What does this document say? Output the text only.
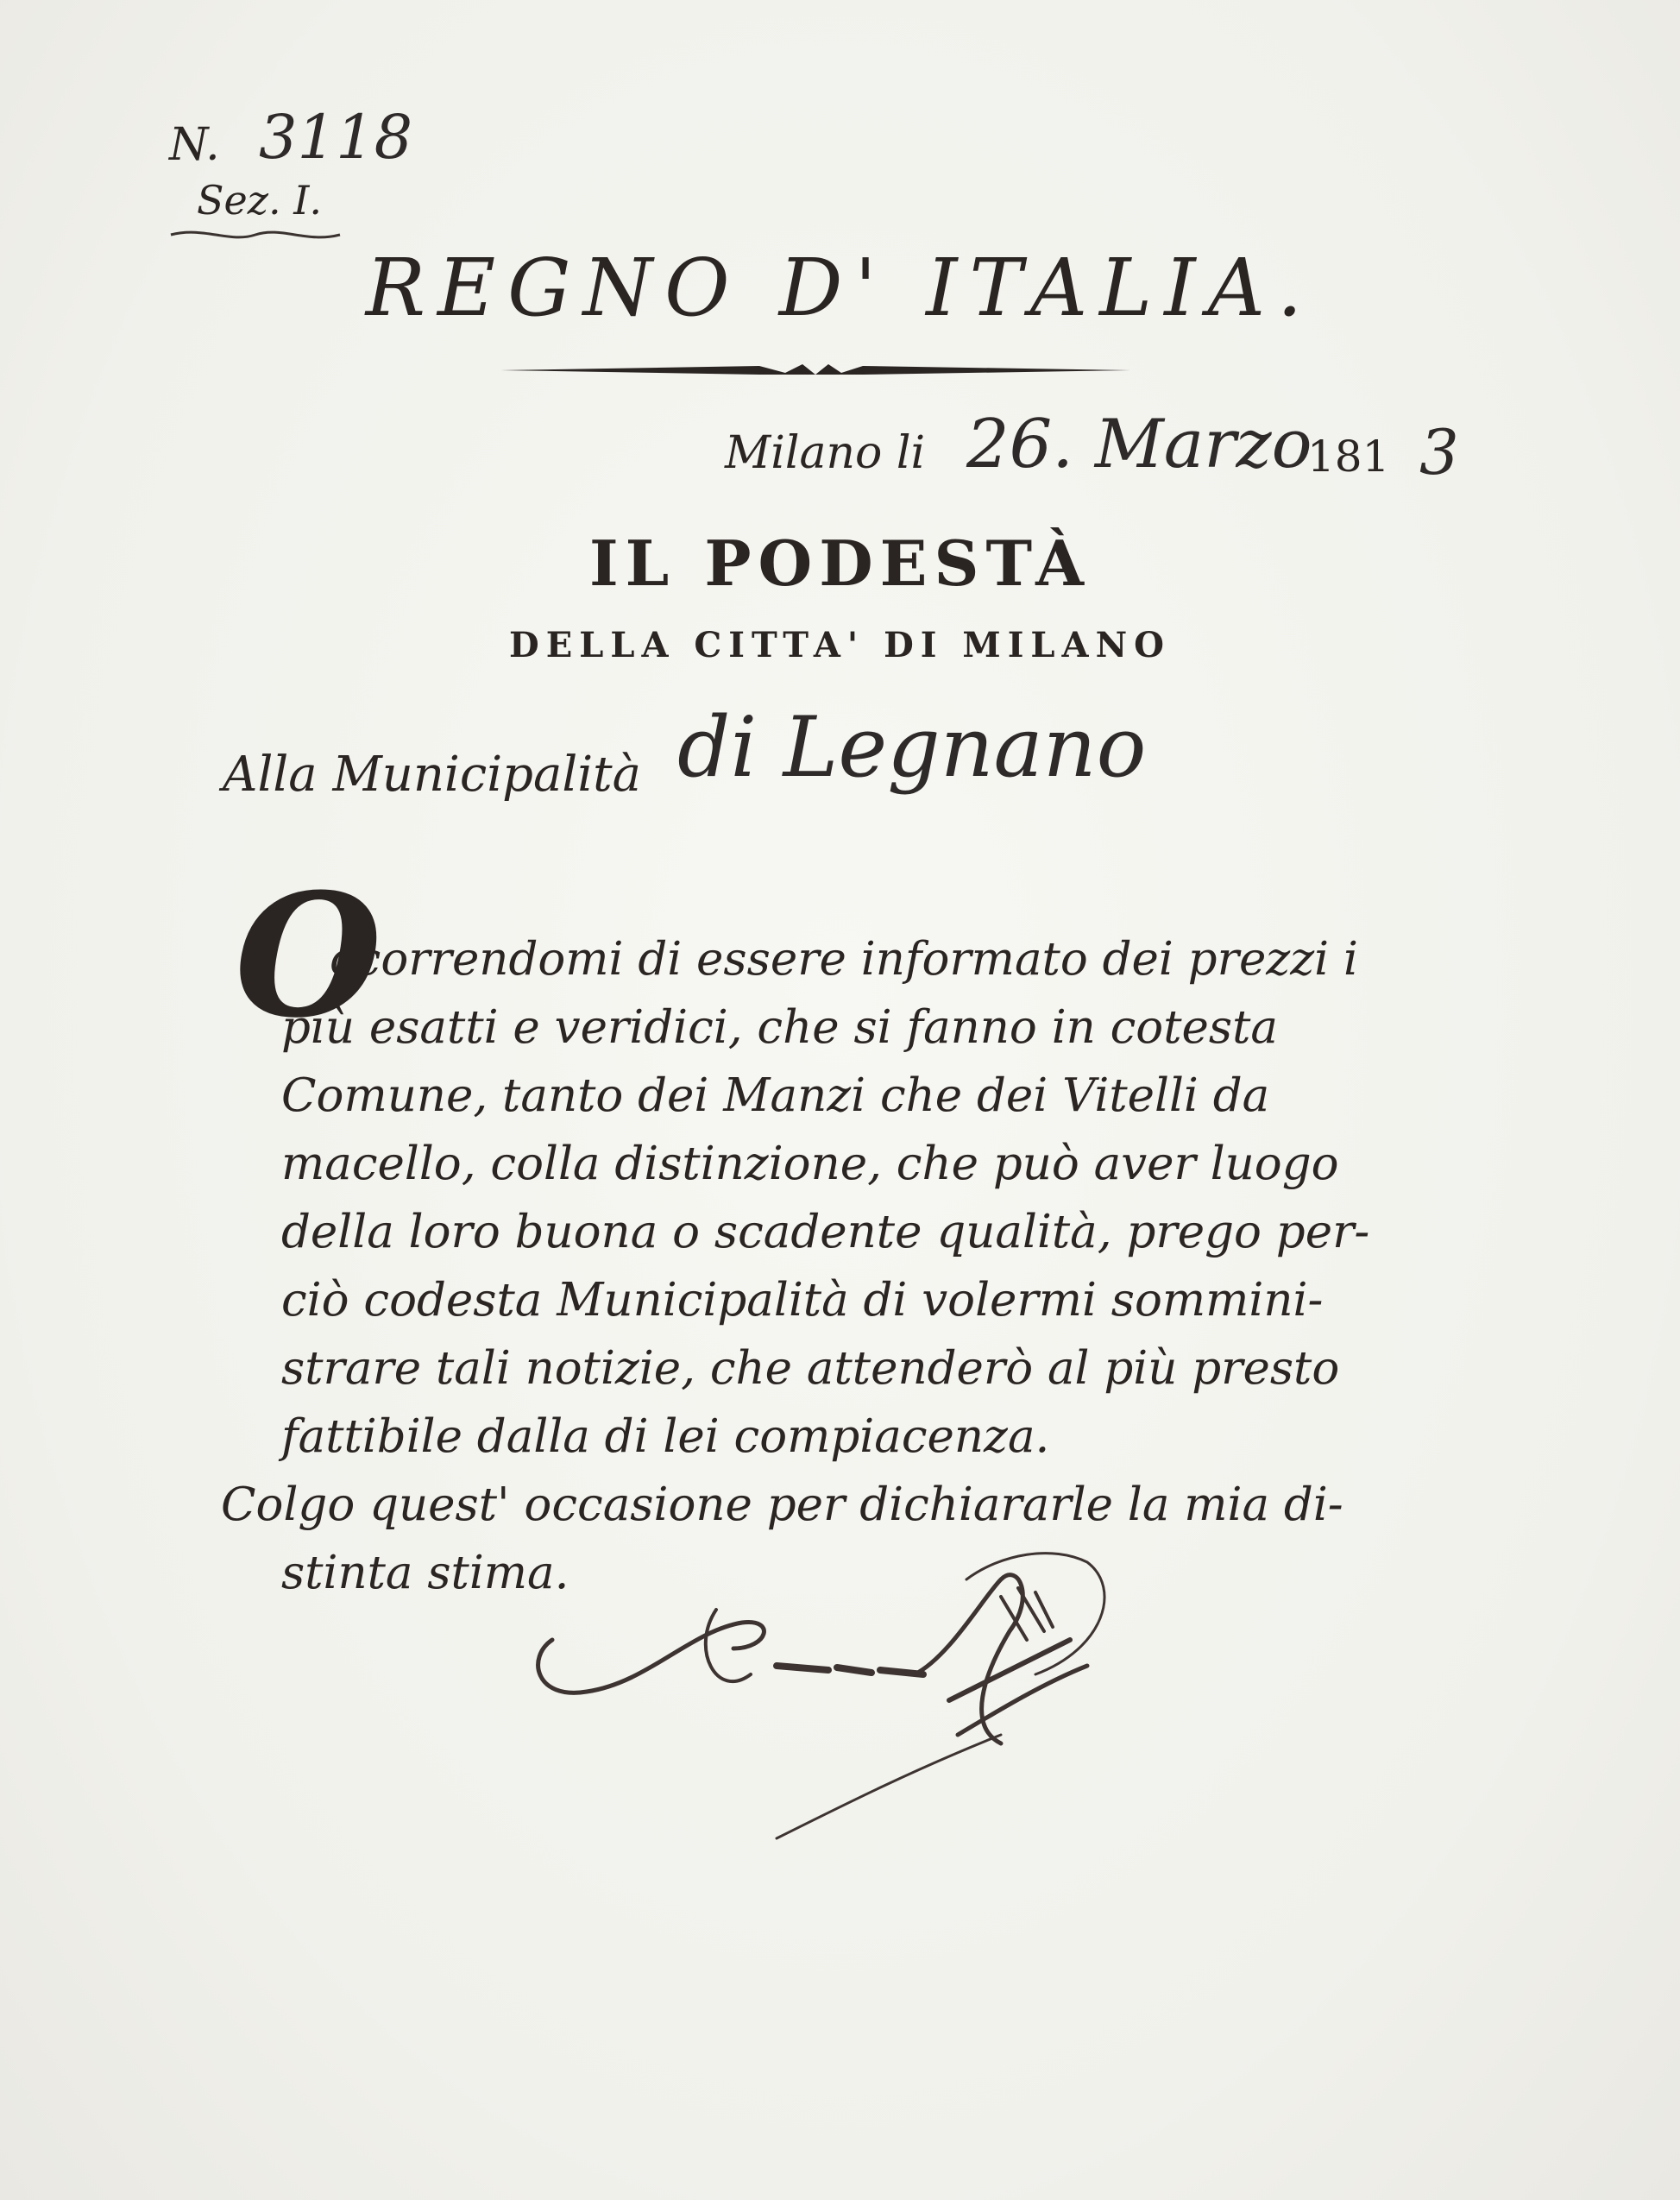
N. 3118
Sez. I.
REGNO D' ITALIA.
Milano li 26. Marzo
181 3
IL PODESTÀ
DELLA CITTA' DI MILANO
Alla Municipalità di Legnano
O
ccorrendomi di essere informato dei prezzi i
più esatti e veridici, che si fanno in cotesta
Comune, tanto dei Manzi che dei Vitelli da
macello, colla distinzione, che può aver luogo
della loro buona o scadente qualità, prego per-
ciò codesta Municipalità di volermi sommini-
strare tali notizie, che attenderò al più presto
fattibile dalla di lei compiacenza.
Colgo quest' occasione per dichiararle la mia di-
stinta stima.
